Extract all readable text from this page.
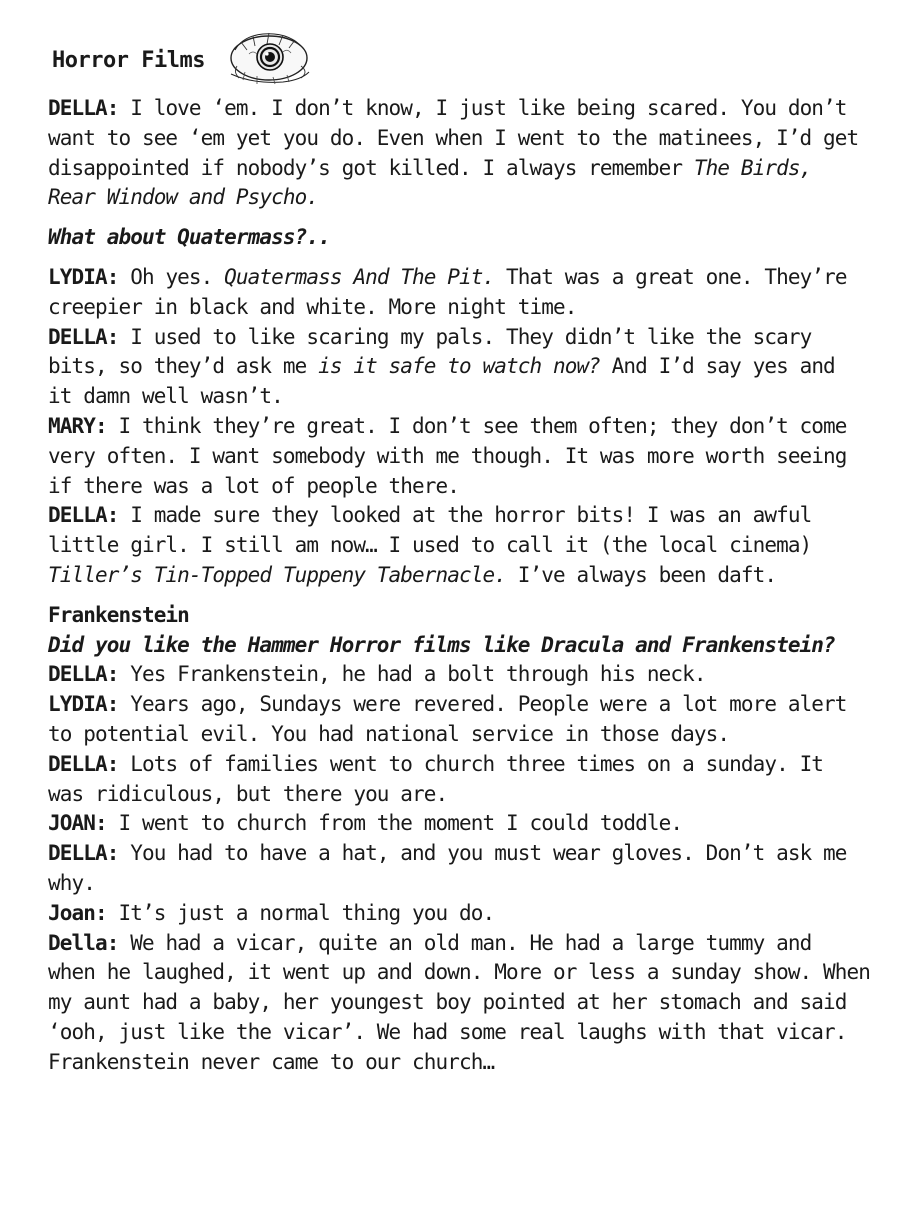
Horror Films

DELLA: I love ‘em. I don’t know, I just like being scared. You don’t want to see ‘em yet you do. Even when I went to the matinees, I’d get disappointed if nobody’s got killed. I always remember The Birds, Rear Window and Psycho.

What about Quatermass?..

LYDIA: Oh yes. Quatermass And The Pit. That was a great one. They’re creepier in black and white. More night time.

DELLA: I used to like scaring my pals. They didn’t like the scary bits, so they’d ask me is it safe to watch now? And I’d say yes and it damn well wasn’t.

MARY: I think they’re great. I don’t see them often; they don’t come very often. I want somebody with me though. It was more worth seeing if there was a lot of people there.

DELLA: I made sure they looked at the horror bits! I was an awful little girl. I still am now… I used to call it (the local cinema) Tiller’s Tin-Topped Tuppeny Tabernacle. I’ve always been daft.

Frankenstein

Did you like the Hammer Horror films like Dracula and Frankenstein?

DELLA: Yes Frankenstein, he had a bolt through his neck.

LYDIA: Years ago, Sundays were revered. People were a lot more alert to potential evil. You had national service in those days.

DELLA: Lots of families went to church three times on a sunday. It was ridiculous, but there you are.

JOAN: I went to church from the moment I could toddle.

DELLA: You had to have a hat, and you must wear gloves. Don’t ask me why.

Joan: It’s just a normal thing you do.

Della: We had a vicar, quite an old man. He had a large tummy and when he laughed, it went up and down. More or less a sunday show. When my aunt had a baby, her youngest boy pointed at her stomach and said ‘ooh, just like the vicar’. We had some real laughs with that vicar. Frankenstein never came to our church…
